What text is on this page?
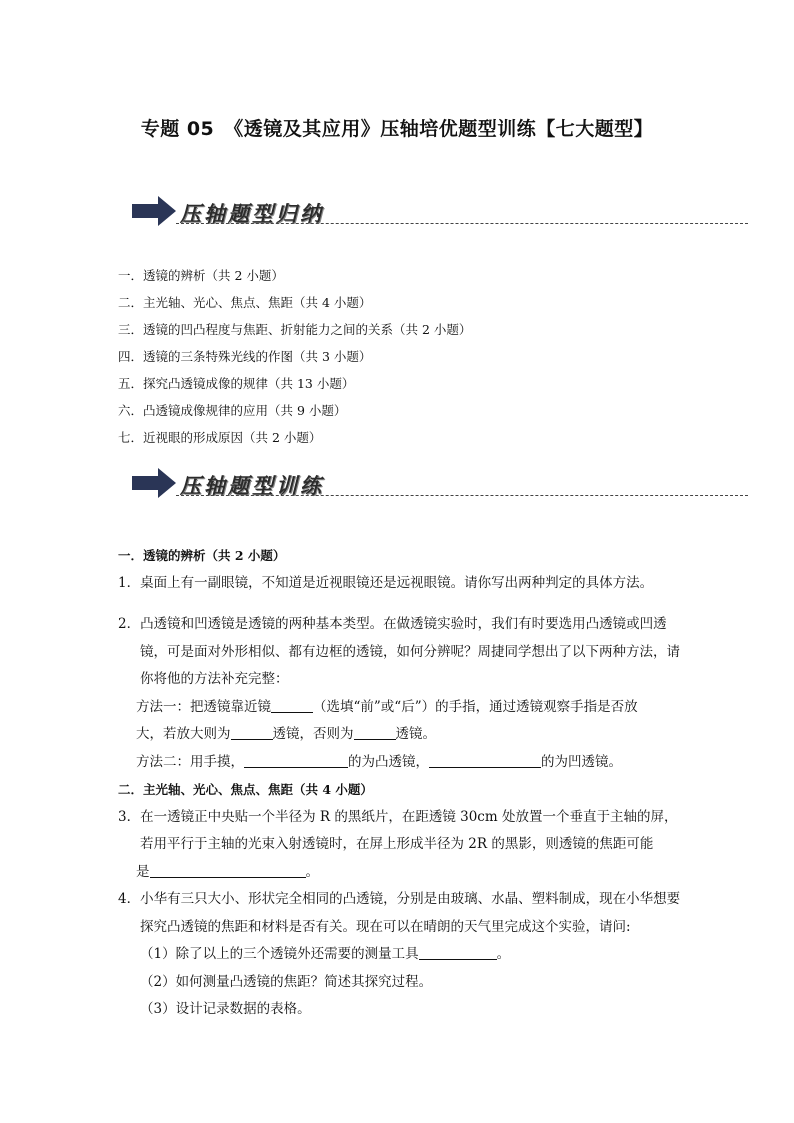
专题 05　《透镜及其应用》压轴培优题型训练【七大题型】
压轴题型归纳
一．透镜的辨析（共 2 小题）
二．主光轴、光心、焦点、焦距（共 4 小题）
三．透镜的凹凸程度与焦距、折射能力之间的关系（共 2 小题）
四．透镜的三条特殊光线的作图（共 3 小题）
五．探究凸透镜成像的规律（共 13 小题）
六．凸透镜成像规律的应用（共 9 小题）
七．近视眼的形成原因（共 2 小题）
压轴题型训练

一．透镜的辨析（共 2 小题）

1．桌面上有一副眼镜，不知道是近视眼镜还是远视眼镜。请你写出两种判定的具体方法。

2．凸透镜和凹透镜是透镜的两种基本类型。在做透镜实验时，我们有时要选用凸透镜或凹透镜，可是面对外形相似、都有边框的透镜，如何分辨呢？周捷同学想出了以下两种方法，请你将他的方法补充完整：

方法一：把透镜靠近镜	（选填“前”或“后”）的手指，通过透镜观察手指是否放

大，若放大则为	透镜，否则为	透镜。

方法二：用手摸，	的为凸透镜，	的为凹透镜。

二．主光轴、光心、焦点、焦距（共 4 小题）

3．在一透镜正中央贴一个半径为 R 的黑纸片，在距透镜 30cm 处放置一个垂直于主轴的屏，若用平行于主轴的光束入射透镜时，在屏上形成半径为 2R 的黑影，则透镜的焦距可能

是	。

4．小华有三只大小、形状完全相同的凸透镜，分别是由玻璃、水晶、塑料制成，现在小华想要探究凸透镜的焦距和材料是否有关。现在可以在晴朗的天气里完成这个实验，请问:

（1）除了以上的三个透镜外还需要的测量工具	。

（2）如何测量凸透镜的焦距？简述其探究过程。

（3）设计记录数据的表格。
